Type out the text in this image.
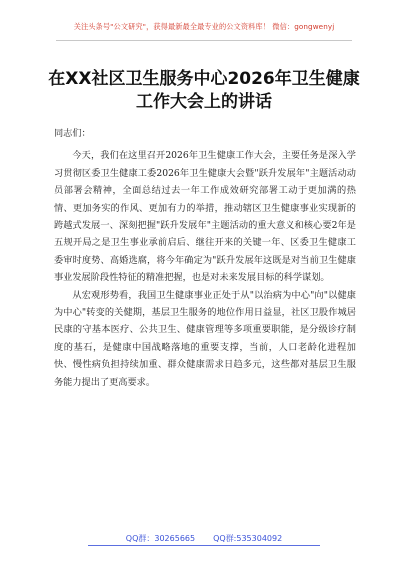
关注头条号"公文研究"，获得最新最全最专业的公文资料库！ 微信：gongwenyj
在XX社区卫生服务中心2026年卫生健康工作大会上的讲话

同志们：

今天，我们在这里召开2026年卫生健康工作大会，主要任务是深入学习贯彻区委卫生健康工委2026年卫生健康大会暨"跃升发展年"主题活动动员部署会精神，全面总结过去一年工作成效研究部署工动于更加满的热情、更加务实的作风、更加有力的举措，推动辖区卫生健康事业实现新的跨越式发展一、深刻把握"跃升发展年"主题活动的重大意义和核心要2年是五规开局之是卫生事业承前启后、继往开来的关键一年、区委卫生健康工委审时度势、高婚选腐，将今年确定为"跃升发展年这既是对当前卫生健康事业发展阶段性特征的精准把握，也是对未来发展目标的科学谋划。

从宏观形势看，我国卫生健康事业正处于从"以治病为中心"向"以健康为中心"转变的关健期，基层卫生服务的地位作用日益显，社区卫股作城居民康的守基本医疗、公共卫生、健康管理等多项重要职能，是分级诊疗制度的基石，是健康中国战略落地的重要支撑，当前，人口老龄化进程加快、慢性病负担持续加重、群众健康需求日趋多元，这些都对基层卫生服务能力提出了更高要求。

QQ群：30265665 QQ群:535304092
